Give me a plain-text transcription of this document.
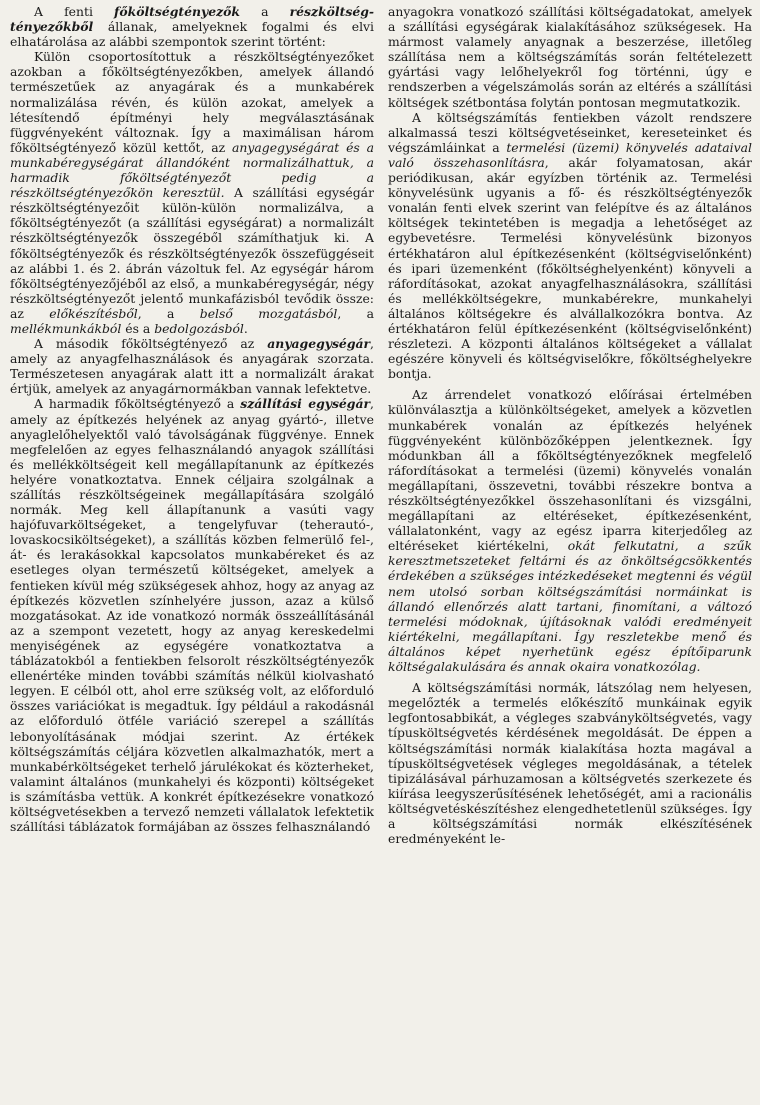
A fenti főköltségtényezők a részköltség-tényezőkből állanak, amelyeknek fogalmi és elvi elhatárolása az alábbi szempontok szerint történt:

Külön csoportosítottuk a részköltségtényezőket azokban a főköltségtényezőkben, amelyek állandó természetűek az anyagárak és a munkabérek normalizálása révén, és külön azokat, amelyek a létesítendő építményi hely megválasztásának függvényeként változnak. Így a maximálisan három főköltségtényező közül kettőt, az anyagegységárat és a munkabéregységárat állandóként normalizálhattuk, a harmadik főköltségtényezőt pedig a részköltségtényezőkön keresztül. A szállítási egységár részköltségtényezőit külön-külön normalizálva, a főköltségtényezőt (a szállítási egységárat) a normalizált részköltségtényezők összegéből számíthatjuk ki. A főköltségtényezők és részköltségtényezők összefüggéseit az alábbi 1. és 2. ábrán vázoltuk fel. Az egységár három főköltségtényezőjéből az első, a munkabéregységár, négy részköltségtényezőt jelentő munkafázisból tevődik össze: az előkészítésből, a belső mozgatásból, a mellékmunkákból és a bedolgozásból.

A második főköltségtényező az anyagegységár, amely az anyagfelhasználások és anyagárak szorzata. Természetesen anyagárak alatt itt a normalizált árakat értjük, amelyek az anyagárnormákban vannak lefektetve.

A harmadik főköltségtényező a szállítási egységár, amely az építkezés helyének az anyag gyártó-, illetve anyaglelőhelyektől való távolságának függvénye. Ennek megfelelően az egyes felhasználandó anyagok szállítási és mellékköltségeit kell megállapítanunk az építkezés helyére vonatkoztatva. Ennek céljaira szolgálnak a szállítás részköltségeinek megállapítására szolgáló normák. Meg kell állapítanunk a vasúti vagy hajófuvarköltségeket, a tengelyfuvar (teherautó-, lovaskocsiköltségeket), a szállítás közben felmerülő fel-, át- és lerakásokkal kapcsolatos munkabéreket és az esetleges olyan természetű költségeket, amelyek a fentieken kívül még szükségesek ahhoz, hogy az anyag az építkezés közvetlen színhelyére jusson, azaz a külső mozgatásokat. Az ide vonatkozó normák összeállításánál az a szempont vezetett, hogy az anyag kereskedelmi menyiségének az egységére vonatkoztatva a táblázatokból a fentiekben felsorolt részköltségtényezők ellenértéke minden további számítás nélkül kiolvasható legyen. E célból ott, ahol erre szükség volt, az előforduló összes variációkat is megadtuk. Így például a rakodásnál az előforduló ötféle variáció szerepel a szállítás lebonyolításának módjai szerint. Az értékek költségszámítás céljára közvetlen alkalmazhatók, mert a munkabérköltségeket terhelő járulékokat és közterheket, valamint általános (munkahelyi és központi) költségeket is számításba vettük. A konkrét építkezésekre vonatkozó költségvetésekben a tervező nemzeti vállalatok lefektetik szállítási táblázatok formájában az összes felhasználandó

anyagokra vonatkozó szállítási költségadatokat, amelyek a szállítási egységárak kialakításához szükségesek. Ha mármost valamely anyagnak a beszerzése, illetőleg szállítása nem a költségszámítás során feltételezett gyártási vagy lelőhelyekről fog történni, úgy e rendszerben a végelszámolás során az eltérés a szállítási költségek szétbontása folytán pontosan megmutatkozik.

A költségszámítás fentiekben vázolt rendszere alkalmassá teszi költségvetéseinket, kereseteinket és végszámláinkat a termelési (üzemi) könyvelés adataival való összehasonlításra, akár folyamatosan, akár periódikusan, akár egyízben történik az. Termelési könyvelésünk ugyanis a fő- és részköltségtényezők vonalán fenti elvek szerint van felépítve és az általános költségek tekintetében is megadja a lehetőséget az egybevetésre. Termelési könyvelésünk bizonyos értékhatáron alul építkezésenként (költségviselőnként) és ipari üzemenként (főköltséghelyenként) könyveli a ráfordításokat, azokat anyagfelhasználásokra, szállítási és mellékköltségekre, munkabérekre, munkahelyi általános költségekre és alvállalkozókra bontva. Az értékhatáron felül építkezésenként (költségviselőnként) részletezi. A központi általános költségeket a vállalat egészére könyveli és költségviselőkre, főköltséghelyekre bontja.

Az árrendelet vonatkozó előírásai értelmében különválasztja a különköltségeket, amelyek a közvetlen munkabérek vonalán az építkezés helyének függvényeként különbözőképpen jelentkeznek. Így módunkban áll a főköltségtényezőknek megfelelő ráfordításokat a termelési (üzemi) könyvelés vonalán megállapítani, összevetni, további részekre bontva a részköltségtényezőkkel összehasonlítani és vizsgálni, megállapítani az eltéréseket, építkezésenként, vállalatonként, vagy az egész iparra kiterjedőleg az eltéréseket kiértékelni, okát felkutatni, a szűk keresztmetszeteket feltárni és az önköltségcsökkentés érdekében a szükséges intézkedéseket megtenni és végül nem utolsó sorban költségszámítási normáinkat is állandó ellenőrzés alatt tartani, finomítani, a változó termelési módoknak, újításoknak valódi eredményeit kiértékelni, megállapítani. Így reszletekbe menő és általános képet nyerhetünk egész építőiparunk költségalakulására és annak okaira vonatkozólag.

A költségszámítási normák, látszólag nem helyesen, megelőzték a termelés előkészítő munkáinak egyik legfontosabbikát, a végleges szabványköltségvetés, vagy típusköltségvetés kérdésének megoldását. De éppen a költségszámítási normák kialakítása hozta magával a típusköltségvetések végleges megoldásának, a tételek tipizálásával párhuzamosan a költségvetés szerkezete és kiírása leegyszerűsítésének lehetőségét, ami a racionális költségvetéskészítéshez elengedhetetlenül szükséges. Így a költségszámítási normák elkészítésének eredményeként le-
